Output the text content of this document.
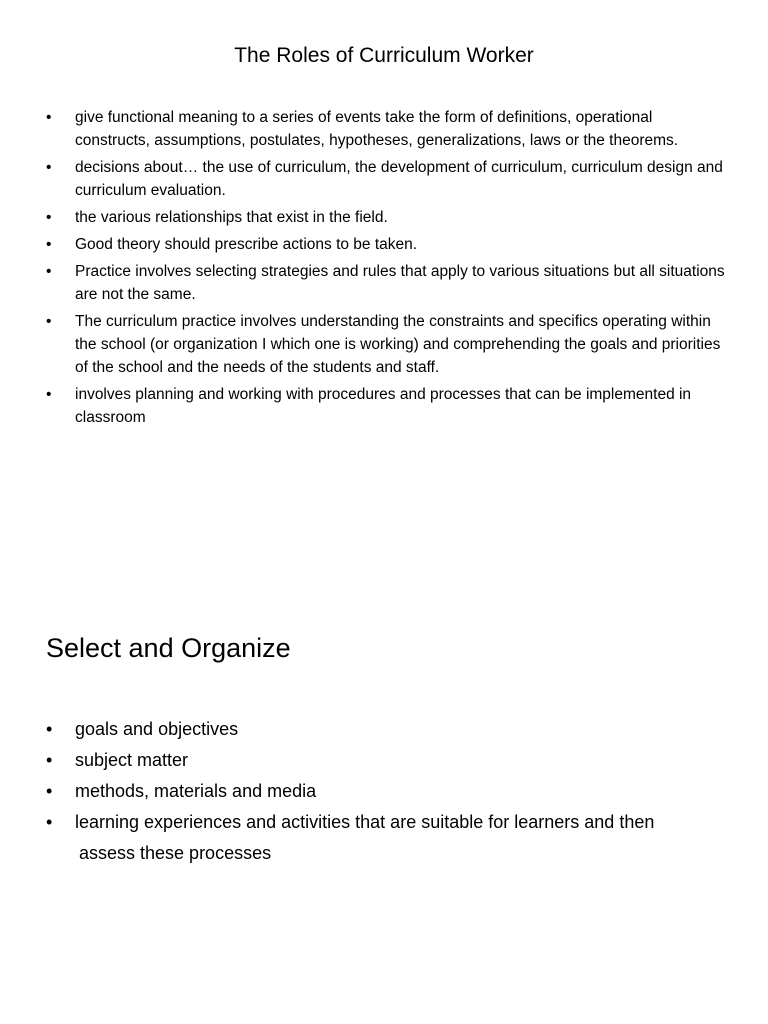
The Roles of Curriculum Worker
• give functional meaning to a series of events take the form of definitions, operational constructs, assumptions, postulates, hypotheses, generalizations, laws or the theorems.
• decisions about… the use of curriculum, the development of curriculum, curriculum design and curriculum evaluation.
• the various relationships that exist in the field.
• Good theory should prescribe actions to be taken.
• Practice involves selecting strategies and rules that apply to various situations but all situations are not the same.
• The curriculum practice involves understanding the constraints and specifics operating within the school (or organization I which one is working) and comprehending the goals and priorities of the school and the needs of the students and staff.
• involves planning and working with procedures and processes that can be implemented in classroom
Select and Organize
• goals and objectives
• subject matter
• methods, materials and media
• learning experiences and activities that are suitable for learners and then
assess these processes
